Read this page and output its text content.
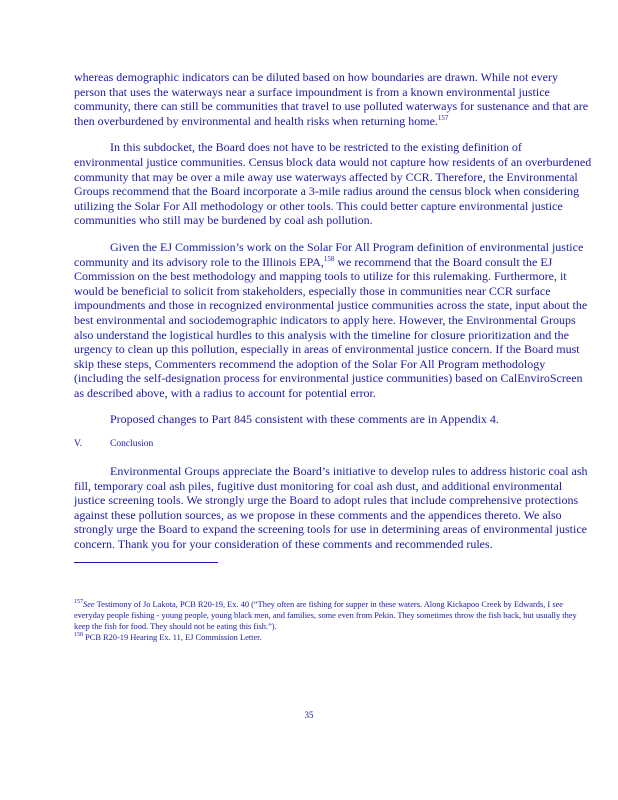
whereas demographic indicators can be diluted based on how boundaries are drawn. While not every person that uses the waterways near a surface impoundment is from a known environmental justice community, there can still be communities that travel to use polluted waterways for sustenance and that are then overburdened by environmental and health risks when returning home.$^{157}$

In this subdocket, the Board does not have to be restricted to the existing definition of environmental justice communities. Census block data would not capture how residents of an overburdened community that may be over a mile away use waterways affected by CCR. Therefore, the Environmental Groups recommend that the Board incorporate a 3-mile radius around the census block when considering utilizing the Solar For All methodology or other tools. This could better capture environmental justice communities who still may be burdened by coal ash pollution.

Given the EJ Commission’s work on the Solar For All Program definition of environmental justice community and its advisory role to the Illinois EPA,$^{158}$ we recommend that the Board consult the EJ Commission on the best methodology and mapping tools to utilize for this rulemaking. Furthermore, it would be beneficial to solicit from stakeholders, especially those in communities near CCR surface impoundments and those in recognized environmental justice communities across the state, input about the best environmental and sociodemographic indicators to apply here. However, the Environmental Groups also understand the logistical hurdles to this analysis with the timeline for closure prioritization and the urgency to clean up this pollution, especially in areas of environmental justice concern. If the Board must skip these steps, Commenters recommend the adoption of the Solar For All Program methodology (including the self-designation process for environmental justice communities) based on CalEnviroScreen as described above, with a radius to account for potential error.

Proposed changes to Part 845 consistent with these comments are in Appendix 4.

V.	Conclusion

Environmental Groups appreciate the Board’s initiative to develop rules to address historic coal ash fill, temporary coal ash piles, fugitive dust monitoring for coal ash dust, and additional environmental justice screening tools. We strongly urge the Board to adopt rules that include comprehensive protections against these pollution sources, as we propose in these comments and the appendices thereto. We also strongly urge the Board to expand the screening tools for use in determining areas of environmental justice concern. Thank you for your consideration of these comments and recommended rules.

$^{157}$See Testimony of Jo Lakota, PCB R20-19, Ex. 40 (“They often are fishing for supper in these waters. Along Kickapoo Creek by Edwards, I see everyday people fishing - young people, young black men, and families, some even from Pekin. They sometimes throw the fish back, but usually they keep the fish for food. They should not be eating this fish.”).

$^{158}$ PCB R20-19 Hearing Ex. 11, EJ Commission Letter.

35
